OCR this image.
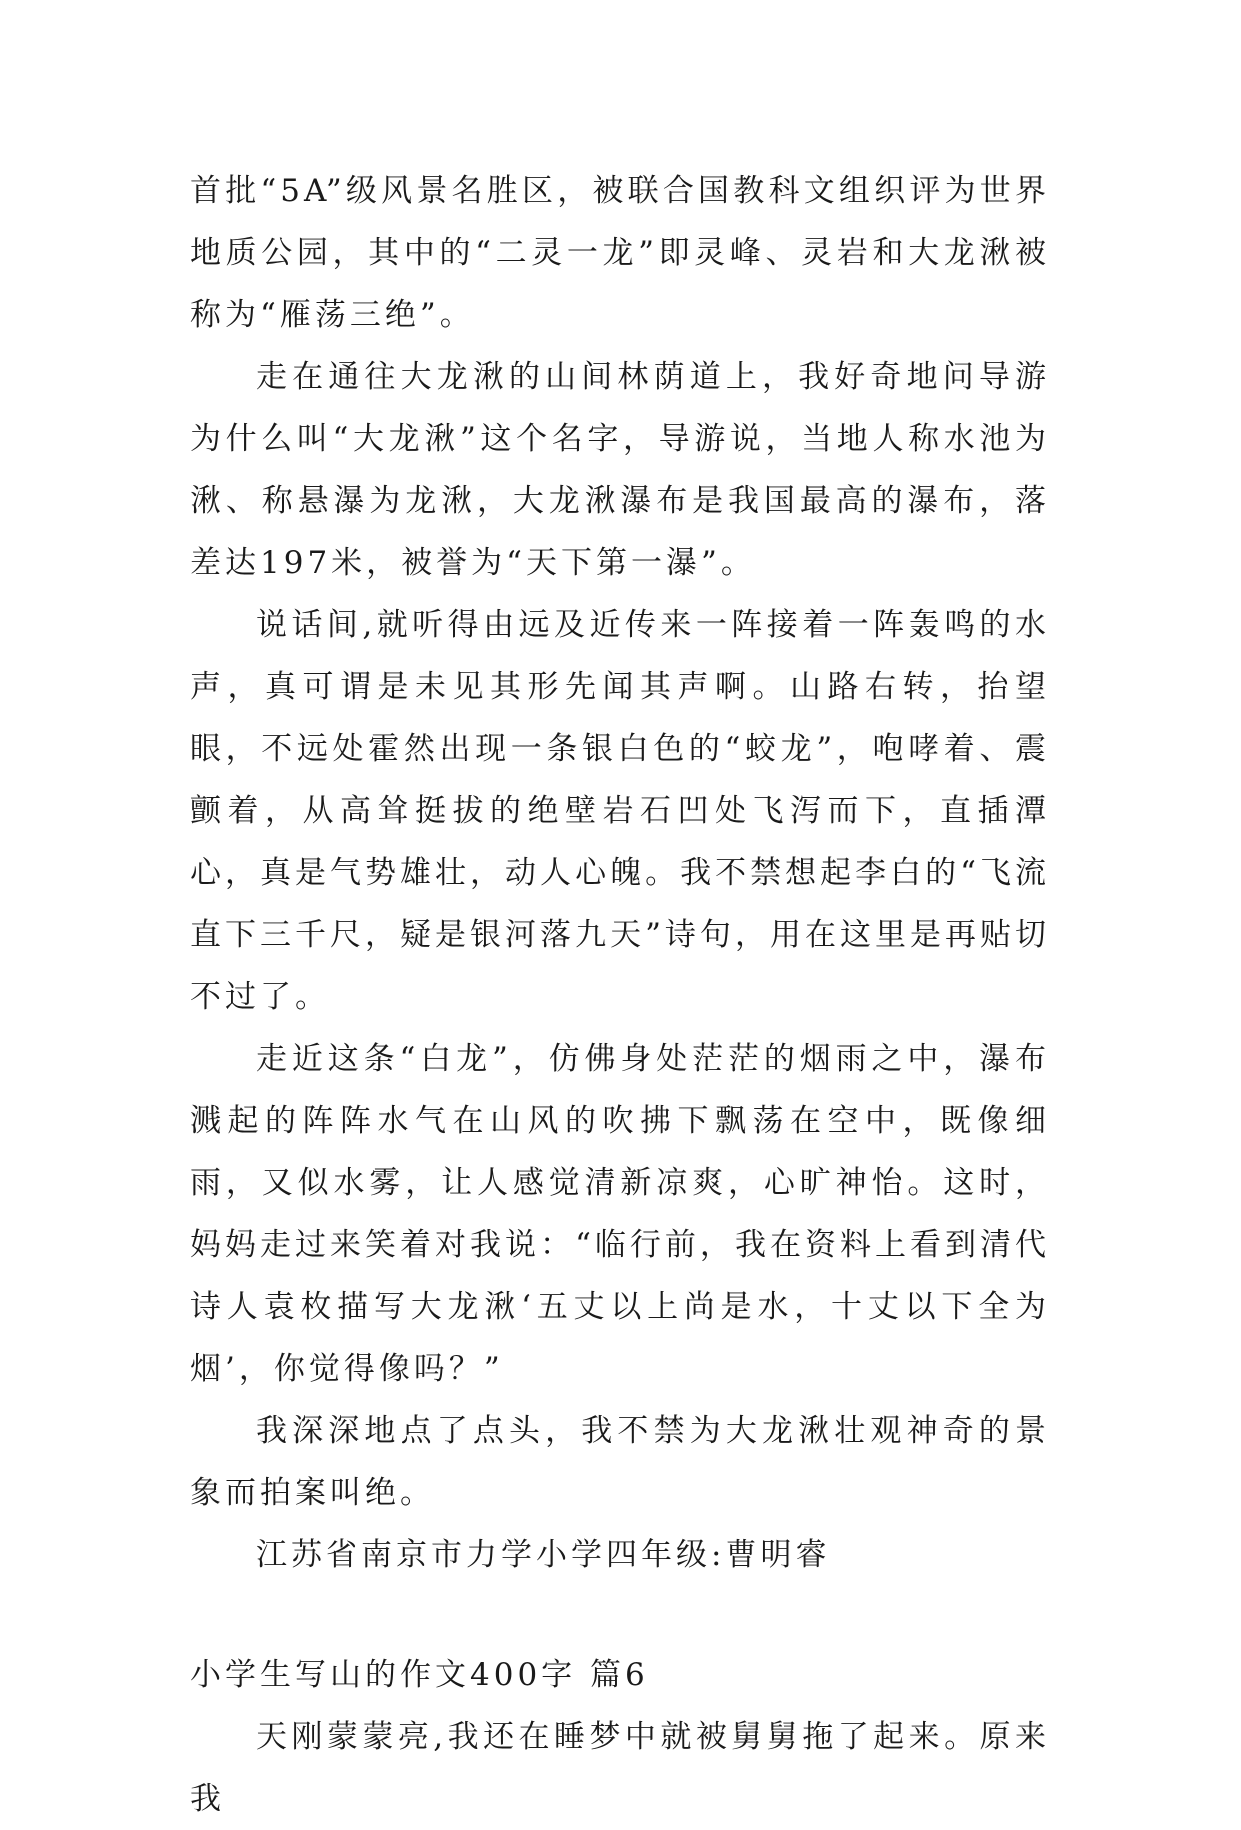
首批“5A”级风景名胜区，被联合国教科文组织评为世界地质公园，其中的“二灵一龙”即灵峰、灵岩和大龙湫被称为“雁荡三绝”。

走在通往大龙湫的山间林荫道上，我好奇地问导游为什么叫“大龙湫”这个名字，导游说，当地人称水池为湫、称悬瀑为龙湫，大龙湫瀑布是我国最高的瀑布，落差达197米，被誉为“天下第一瀑”。

说话间,就听得由远及近传来一阵接着一阵轰鸣的水声，真可谓是未见其形先闻其声啊。山路右转，抬望眼，不远处霍然出现一条银白色的“蛟龙”，咆哮着、震颤着，从高耸挺拔的绝壁岩石凹处飞泻而下，直插潭心，真是气势雄壮，动人心魄。我不禁想起李白的“飞流直下三千尺，疑是银河落九天”诗句，用在这里是再贴切不过了。

走近这条“白龙”，仿佛身处茫茫的烟雨之中，瀑布溅起的阵阵水气在山风的吹拂下飘荡在空中，既像细雨，又似水雾，让人感觉清新凉爽，心旷神怡。这时，妈妈走过来笑着对我说：“临行前，我在资料上看到清代诗人袁枚描写大龙湫‘五丈以上尚是水，十丈以下全为烟’，你觉得像吗？”

我深深地点了点头，我不禁为大龙湫壮观神奇的景象而拍案叫绝。

江苏省南京市力学小学四年级:曹明睿

小学生写山的作文400字 篇6

天刚蒙蒙亮,我还在睡梦中就被舅舅拖了起来。原来我
